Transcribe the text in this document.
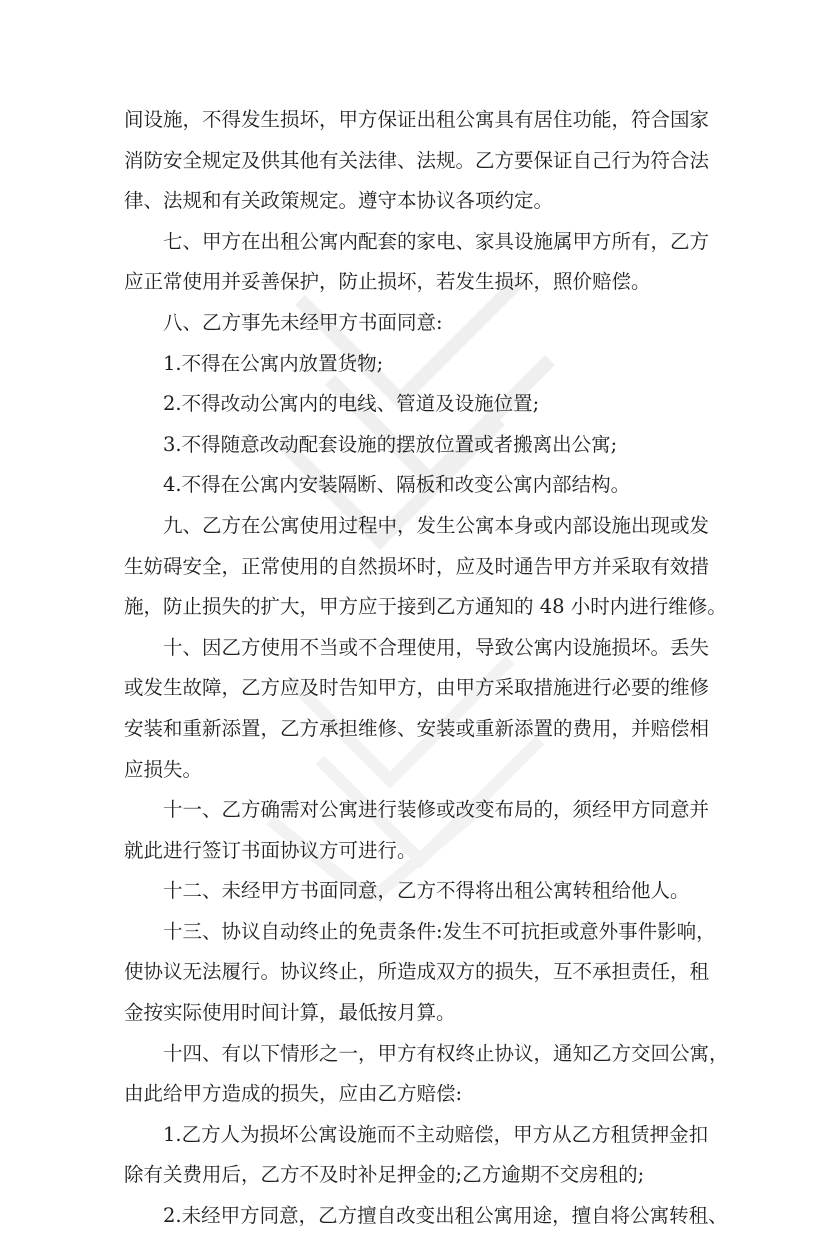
间设施，不得发生损坏，甲方保证出租公寓具有居住功能，符合国家
消防安全规定及供其他有关法律、法规。乙方要保证自己行为符合法
律、法规和有关政策规定。遵守本协议各项约定。
七、甲方在出租公寓内配套的家电、家具设施属甲方所有，乙方
应正常使用并妥善保护，防止损坏，若发生损坏，照价赔偿。
八、乙方事先未经甲方书面同意:
1.不得在公寓内放置货物;
2.不得改动公寓内的电线、管道及设施位置;
3.不得随意改动配套设施的摆放位置或者搬离出公寓;
4.不得在公寓内安装隔断、隔板和改变公寓内部结构。
九、乙方在公寓使用过程中，发生公寓本身或内部设施出现或发
生妨碍安全，正常使用的自然损坏时，应及时通告甲方并采取有效措
施，防止损失的扩大，甲方应于接到乙方通知的 48 小时内进行维修。
十、因乙方使用不当或不合理使用，导致公寓内设施损坏。丢失
或发生故障，乙方应及时告知甲方，由甲方采取措施进行必要的维修
安装和重新添置，乙方承担维修、安装或重新添置的费用，并赔偿相
应损失。
十一、乙方确需对公寓进行装修或改变布局的，须经甲方同意并
就此进行签订书面协议方可进行。
十二、未经甲方书面同意，乙方不得将出租公寓转租给他人。
十三、协议自动终止的免责条件:发生不可抗拒或意外事件影响，
使协议无法履行。协议终止，所造成双方的损失，互不承担责任，租
金按实际使用时间计算，最低按月算。
十四、有以下情形之一，甲方有权终止协议，通知乙方交回公寓，
由此给甲方造成的损失，应由乙方赔偿:
1.乙方人为损坏公寓设施而不主动赔偿，甲方从乙方租赁押金扣
除有关费用后，乙方不及时补足押金的;乙方逾期不交房租的;
2.未经甲方同意，乙方擅自改变出租公寓用途，擅自将公寓转租、
